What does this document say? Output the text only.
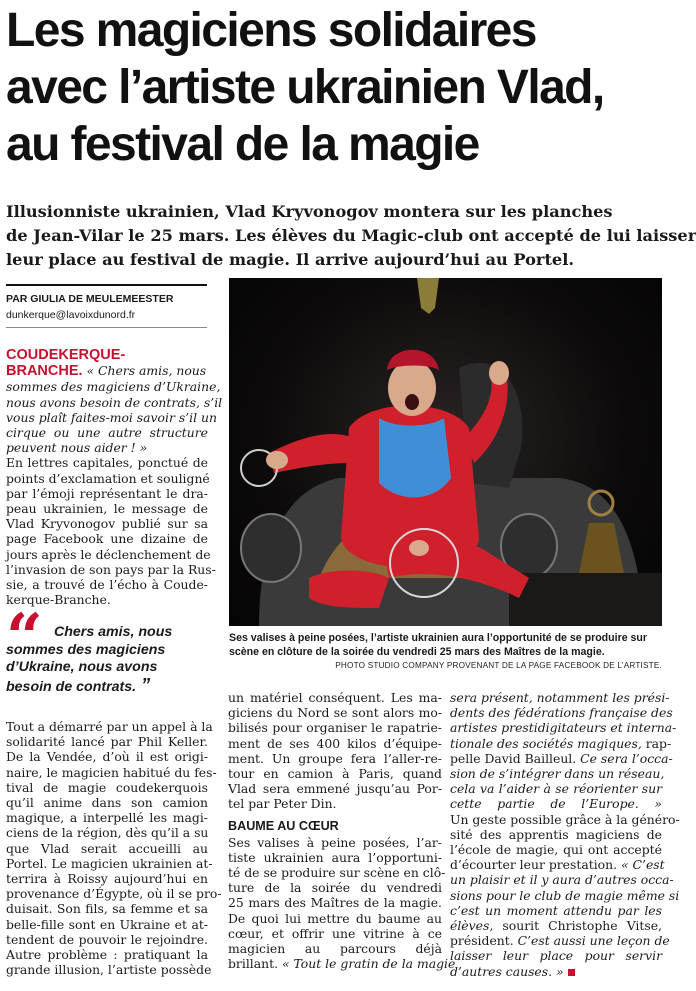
Les magiciens solidaires
avec l’artiste ukrainien Vlad,
au festival de la magie
Illusionniste ukrainien, Vlad Kryvonogov montera sur les planches
de Jean-Vilar le 25 mars. Les élèves du Magic-club ont accepté de lui laisser
leur place au festival de magie. Il arrive aujourd’hui au Portel.
PAR GIULIA DE MEULEMEESTER
dunkerque@lavoixdunord.fr
COUDEKERQUE-
BRANCHE. « Chers amis, nous
sommes des magiciens d’Ukraine,
nous avons besoin de contrats, s’il
vous plaît faites-moi savoir s’il un
cirque ou une autre structure
peuvent nous aider ! »
En lettres capitales, ponctué de
points d’exclamation et souligné
par l’émoji représentant le dra-
peau ukrainien, le message de
Vlad Kryvonogov publié sur sa
page Facebook une dizaine de
jours après le déclenchement de
l’invasion de son pays par la Rus-
sie, a trouvé de l’écho à Coude-
kerque-Branche.
“ Chers amis, nous
sommes des magiciens
d’Ukraine, nous avons
besoin de contrats. ”
Tout a démarré par un appel à la
solidarité lancé par Phil Keller.
De la Vendée, d’où il est origi-
naire, le magicien habitué du fes-
tival de magie coudekerquois
qu’il anime dans son camion
magique, a interpellé les magi-
ciens de la région, dès qu’il a su
que Vlad serait accueilli au
Portel. Le magicien ukrainien at-
terrira à Roissy aujourd’hui en
provenance d’Égypte, où il se pro-
duisait. Son fils, sa femme et sa
belle-fille sont en Ukraine et at-
tendent de pouvoir le rejoindre.
Autre problème : pratiquant la
grande illusion, l’artiste possède
un matériel conséquent. Les ma-
giciens du Nord se sont alors mo-
bilisés pour organiser le rapatrie-
ment de ses 400 kilos d’équipe-
ment. Un groupe fera l’aller-re-
tour en camion à Paris, quand
Vlad sera emmené jusqu’au Por-
tel par Peter Din.
BAUME AU CŒUR
Ses valises à peine posées, l’ar-
tiste ukrainien aura l’opportuni-
té de se produire sur scène en clô-
ture de la soirée du vendredi
25 mars des Maîtres de la magie.
De quoi lui mettre du baume au
cœur, et offrir une vitrine à ce
magicien au parcours déjà
brillant. « Tout le gratin de la magie
sera présent, notamment les prési-
dents des fédérations française des
artistes prestidigitateurs et interna-
tionale des sociétés magiques, rap-
pelle David Bailleul. Ce sera l’occa-
sion de s’intégrer dans un réseau,
cela va l’aider à se réorienter sur
cette partie de l’Europe. »
Un geste possible grâce à la généro-
sité des apprentis magiciens de
l’école de magie, qui ont accepté
d’écourter leur prestation. « C’est
un plaisir et il y aura d’autres occa-
sions pour le club de magie même si
c’est un moment attendu par les
élèves, sourit Christophe Vitse,
président. C’est aussi une leçon de
laisser leur place pour servir
d’autres causes. »
Ses valises à peine posées, l’artiste ukrainien aura l’opportunité de se produire sur
scène en clôture de la soirée du vendredi 25 mars des Maîtres de la magie.
PHOTO STUDIO COMPANY PROVENANT DE LA PAGE FACEBOOK DE L’ARTISTE.
